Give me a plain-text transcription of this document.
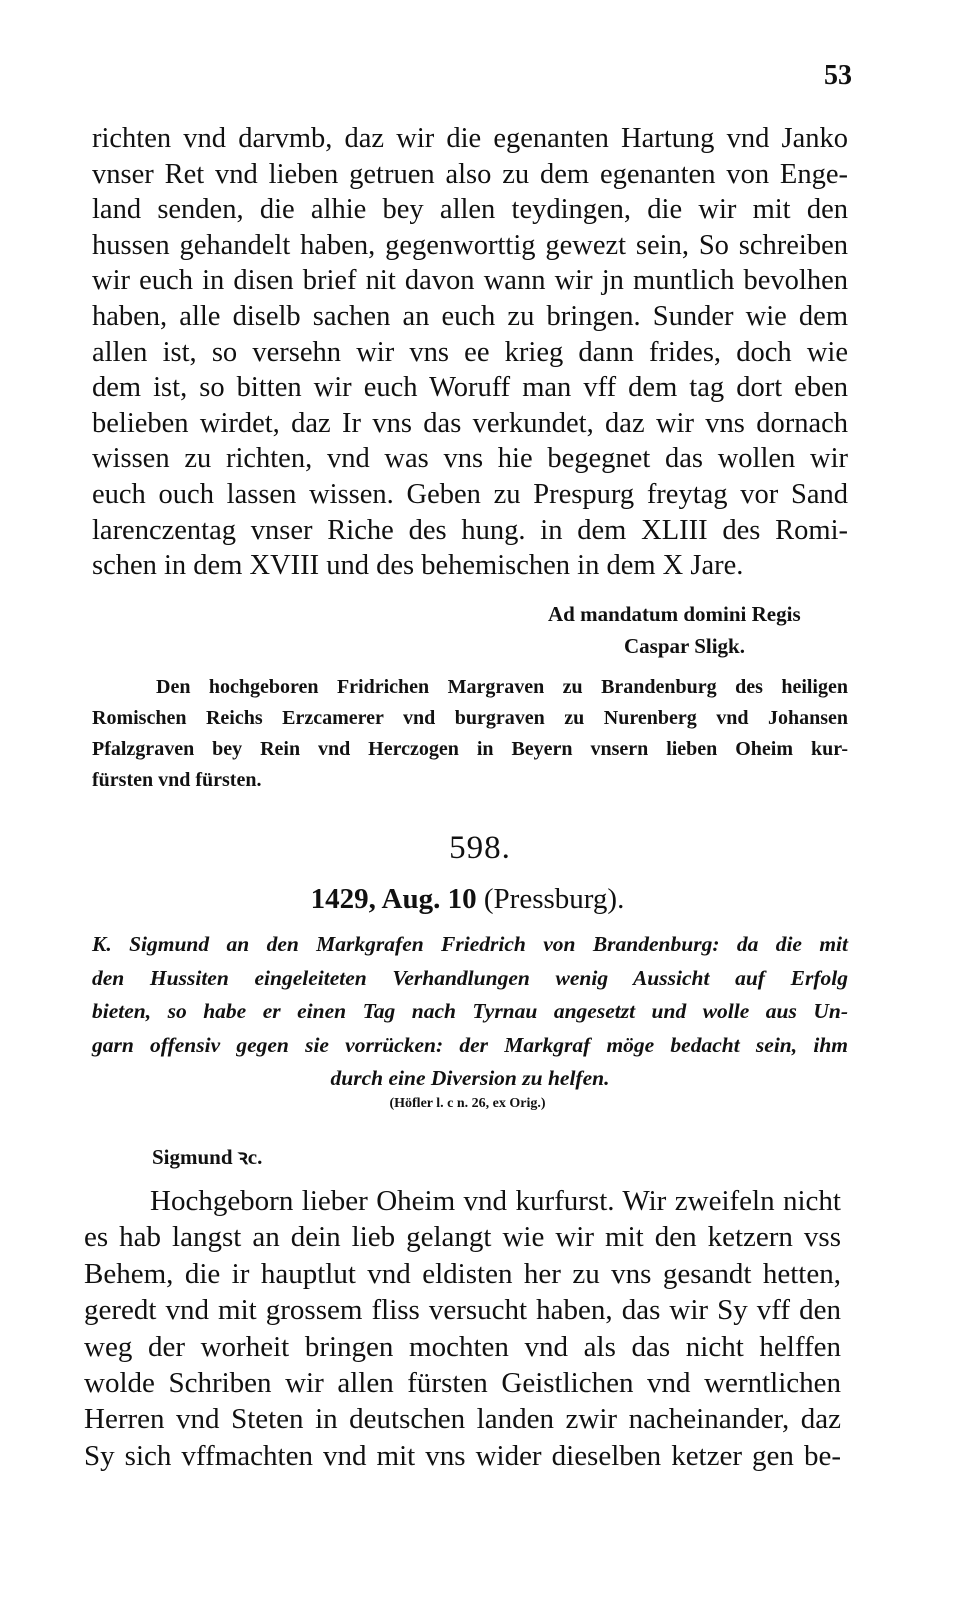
53
richten vnd darvmb, daz wir die egenanten Hartung vnd Janko
vnser Ret vnd lieben getruen also zu dem egenanten von Enge-
land senden, die alhie bey allen teydingen, die wir mit den
hussen gehandelt haben, gegenworttig gewezt sein, So schreiben
wir euch in disen brief nit davon wann wir jn muntlich bevolhen
haben, alle diselb sachen an euch zu bringen. Sunder wie dem
allen ist, so versehn wir vns ee krieg dann frides, doch wie
dem ist, so bitten wir euch Woruff man vff dem tag dort eben
belieben wirdet, daz Ir vns das verkundet, daz wir vns dornach
wissen zu richten, vnd was vns hie begegnet das wollen wir
euch ouch lassen wissen. Geben zu Prespurg freytag vor Sand
larenczentag vnser Riche des hung. in dem XLIII des Romi-
schen in dem XVIII und des behemischen in dem X Jare.
Ad mandatum domini Regis
Caspar Sligk.
Den hochgeboren Fridrichen Margraven zu Brandenburg des heiligen
Romischen Reichs Erzcamerer vnd burgraven zu Nurenberg vnd Johansen
Pfalzgraven bey Rein vnd Herczogen in Beyern vnsern lieben Oheim kur-
fürsten vnd fürsten.
598.
1429, Aug. 10 (Pressburg).
K. Sigmund an den Markgrafen Friedrich von Brandenburg: da die mit
den Hussiten eingeleiteten Verhandlungen wenig Aussicht auf Erfolg
bieten, so habe er einen Tag nach Tyrnau angesetzt und wolle aus Un-
garn offensiv gegen sie vorrücken: der Markgraf möge bedacht sein, ihm
durch eine Diversion zu helfen.
(Höfler l. c n. 26, ex Orig.)
Sigmund ꝛc.
Hochgeborn lieber Oheim vnd kurfurst. Wir zweifeln nicht
es hab langst an dein lieb gelangt wie wir mit den ketzern vss
Behem, die ir hauptlut vnd eldisten her zu vns gesandt hetten,
geredt vnd mit grossem fliss versucht haben, das wir Sy vff den
weg der worheit bringen mochten vnd als das nicht helffen
wolde Schriben wir allen fürsten Geistlichen vnd werntlichen
Herren vnd Steten in deutschen landen zwir nacheinander, daz
Sy sich vffmachten vnd mit vns wider dieselben ketzer gen be-
